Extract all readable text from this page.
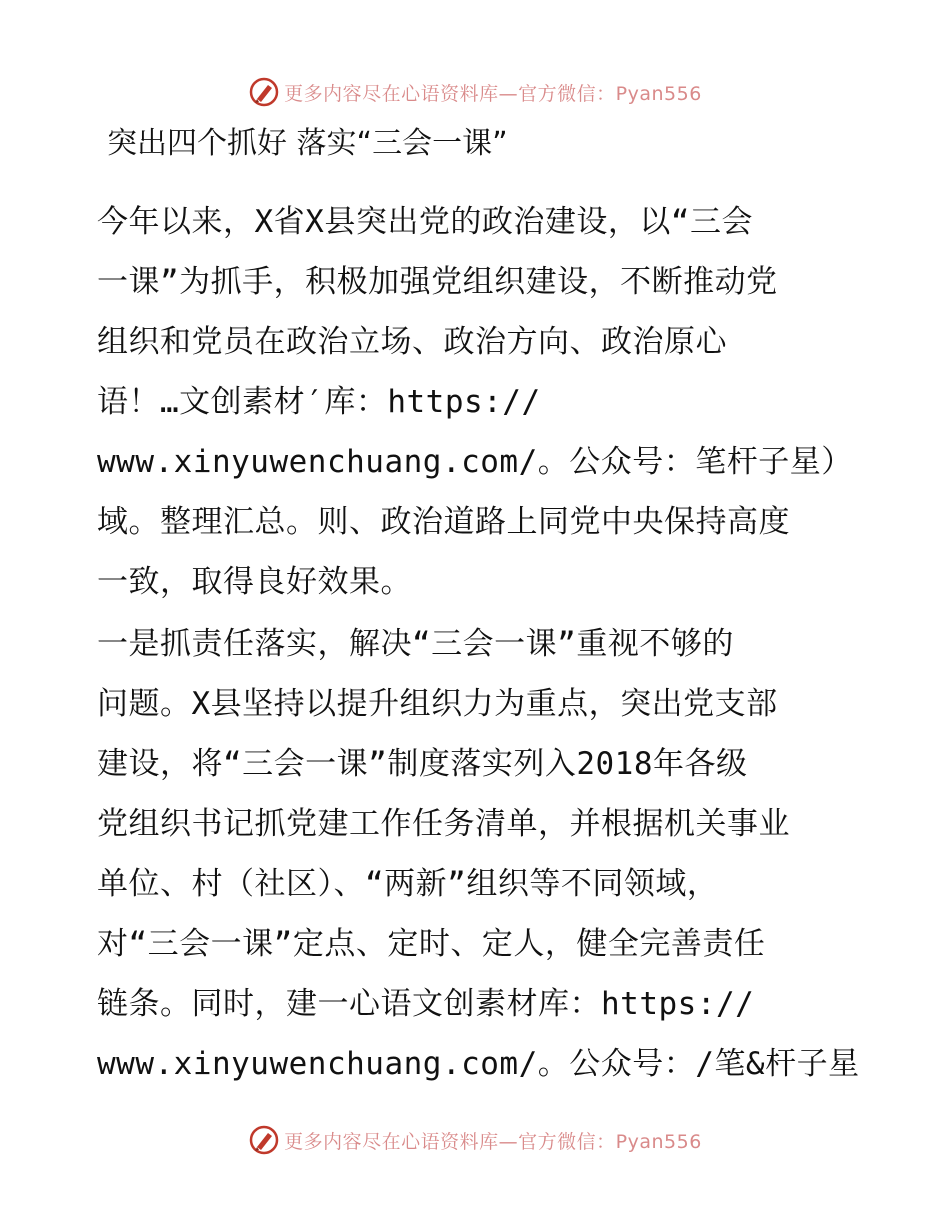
更多内容尽在心语资料库—官方微信：Pyan556
突出四个抓好 落实“三会一课”
今年以来，X省X县突出党的政治建设，以“三会
一课”为抓手，积极加强党组织建设，不断推动党
组织和党员在政治立场、政治方向、政治原心
语！…文创素材′库：https://
www.xinyuwenchuang.com/。公众号：笔杆子星）
域。整理汇总。则、政治道路上同党中央保持高度
一致，取得良好效果。
一是抓责任落实，解决“三会一课”重视不够的
问题。X县坚持以提升组织力为重点，突出党支部
建设，将“三会一课”制度落实列入2018年各级
党组织书记抓党建工作任务清单，并根据机关事业
单位、村（社区）、“两新”组织等不同领域，
对“三会一课”定点、定时、定人，健全完善责任
链条。同时，建一心语文创素材库：https://
www.xinyuwenchuang.com/。公众号：/笔&杆子星
更多内容尽在心语资料库—官方微信：Pyan556
